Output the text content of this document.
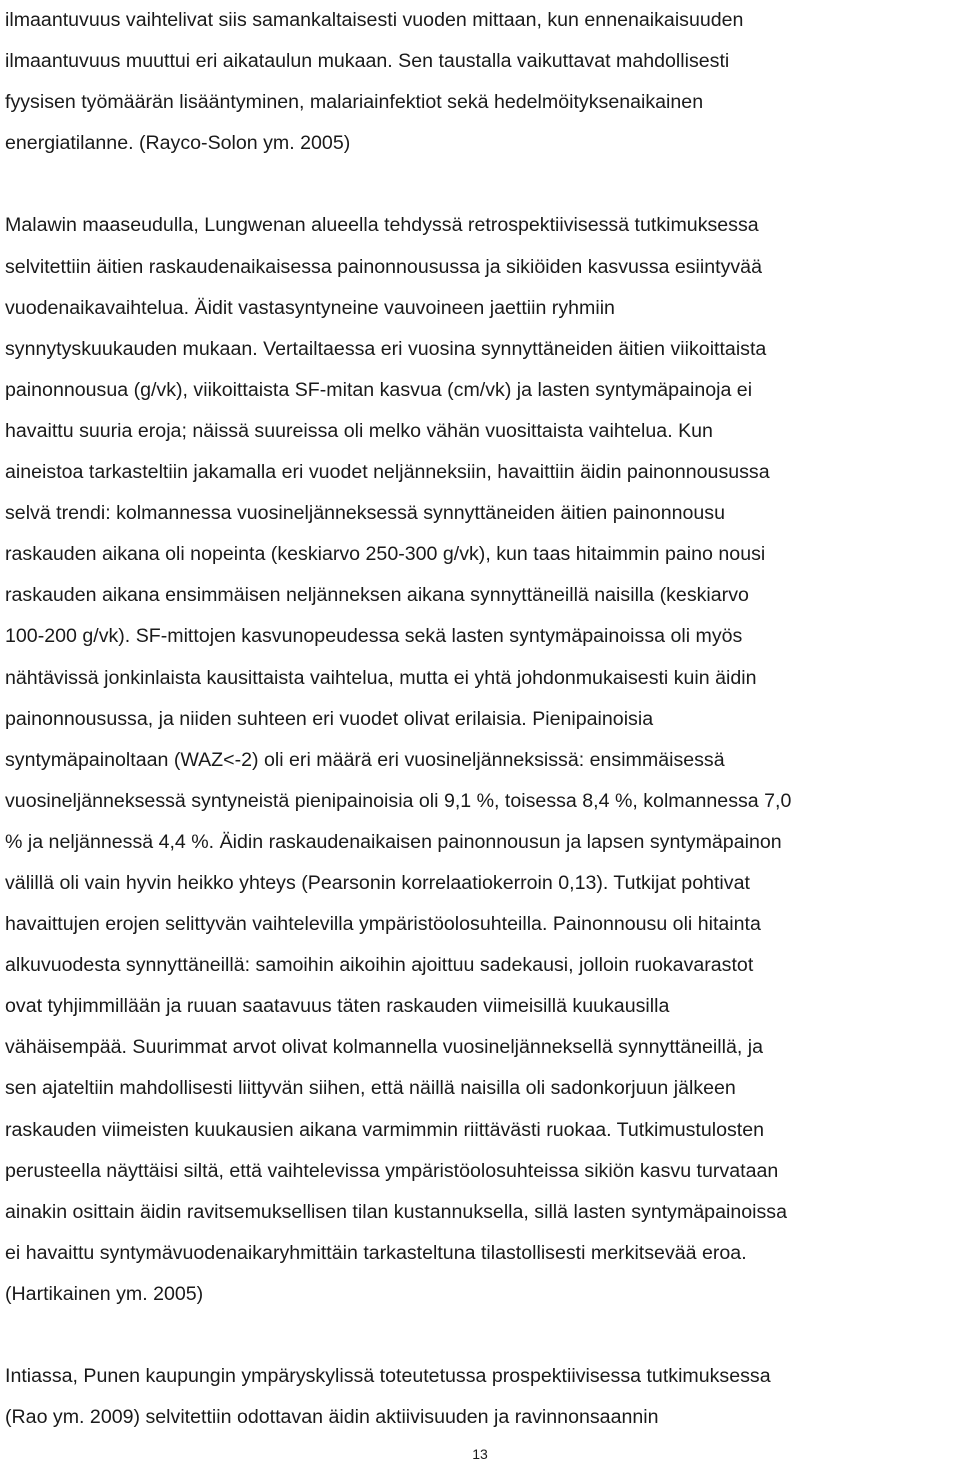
ilmaantuvuus vaihtelivat siis samankaltaisesti vuoden mittaan, kun ennenaikaisuuden
ilmaantuvuus muuttui eri aikataulun mukaan. Sen taustalla vaikuttavat mahdollisesti
fyysisen työmäärän lisääntyminen, malariainfektiot sekä hedelmöityksenaikainen
energiatilanne. (Rayco-Solon ym. 2005)
Malawin maaseudulla, Lungwenan alueella tehdyssä retrospektiivisessä tutkimuksessa
selvitettiin äitien raskaudenaikaisessa painonnousussa ja sikiöiden kasvussa esiintyvää
vuodenaikavaihtelua. Äidit vastasyntyneine vauvoineen jaettiin ryhmiin
synnytyskuukauden mukaan. Vertailtaessa eri vuosina synnyttäneiden äitien viikoittaista
painonnousua (g/vk), viikoittaista SF-mitan kasvua (cm/vk) ja lasten syntymäpainoja ei
havaittu suuria eroja; näissä suureissa oli melko vähän vuosittaista vaihtelua. Kun
aineistoa tarkasteltiin jakamalla eri vuodet neljänneksiin, havaittiin äidin painonnousussa
selvä trendi: kolmannessa vuosineljänneksessä synnyttäneiden äitien painonnousu
raskauden aikana oli nopeinta (keskiarvo 250-300 g/vk), kun taas hitaimmin paino nousi
raskauden aikana ensimmäisen neljänneksen aikana synnyttäneillä naisilla (keskiarvo
100-200 g/vk). SF-mittojen kasvunopeudessa sekä lasten syntymäpainoissa oli myös
nähtävissä jonkinlaista kausittaista vaihtelua, mutta ei yhtä johdonmukaisesti kuin äidin
painonnousussa, ja niiden suhteen eri vuodet olivat erilaisia. Pienipainoisia
syntymäpainoltaan (WAZ<-2) oli eri määrä eri vuosineljänneksissä: ensimmäisessä
vuosineljänneksessä syntyneistä pienipainoisia oli 9,1 %, toisessa 8,4 %, kolmannessa 7,0
% ja neljännessä 4,4 %. Äidin raskaudenaikaisen painonnousun ja lapsen syntymäpainon
välillä oli vain hyvin heikko yhteys (Pearsonin korrelaatiokerroin 0,13). Tutkijat pohtivat
havaittujen erojen selittyvän vaihtelevilla ympäristöolosuhteilla. Painonnousu oli hitainta
alkuvuodesta synnyttäneillä: samoihin aikoihin ajoittuu sadekausi, jolloin ruokavarastot
ovat tyhjimmillään ja ruuan saatavuus täten raskauden viimeisillä kuukausilla
vähäisempää. Suurimmat arvot olivat kolmannella vuosineljänneksellä synnyttäneillä, ja
sen ajateltiin mahdollisesti liittyvän siihen, että näillä naisilla oli sadonkorjuun jälkeen
raskauden viimeisten kuukausien aikana varmimmin riittävästi ruokaa. Tutkimustulosten
perusteella näyttäisi siltä, että vaihtelevissa ympäristöolosuhteissa sikiön kasvu turvataan
ainakin osittain äidin ravitsemuksellisen tilan kustannuksella, sillä lasten syntymäpainoissa
ei havaittu syntymävuodenaikaryhmittäin tarkasteltuna tilastollisesti merkitsevää eroa.
(Hartikainen ym. 2005)
Intiassa, Punen kaupungin ympäryskylissä toteutetussa prospektiivisessa tutkimuksessa
(Rao ym. 2009) selvitettiin odottavan äidin aktiivisuuden ja ravinnonsaannin
13
